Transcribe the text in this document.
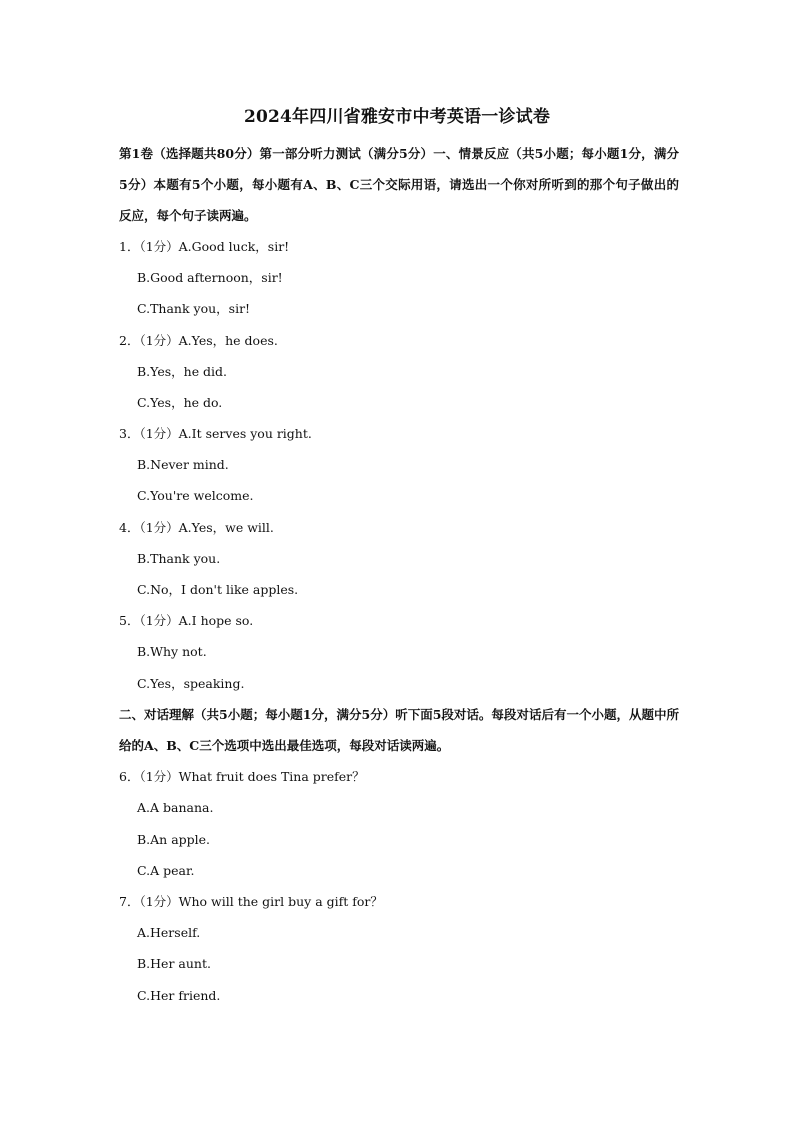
2024年四川省雅安市中考英语一诊试卷
第1卷（选择题共80分）第一部分听力测试（满分5分）一、情景反应（共5小题；每小题1分，满分5分）本题有5个小题，每小题有A、B、C三个交际用语，请选出一个你对所听到的那个句子做出的反应，每个句子读两遍。
1．（1分）A.Good luck，sir!
B.Good afternoon，sir!
C.Thank you，sir!
2．（1分）A.Yes，he does.
B.Yes，he did.
C.Yes，he do.
3．（1分）A.It serves you right.
B.Never mind.
C.You're welcome.
4．（1分）A.Yes，we will.
B.Thank you.
C.No，I don't like apples.
5．（1分）A.I hope so.
B.Why not.
C.Yes，speaking.
二、对话理解（共5小题；每小题1分，满分5分）听下面5段对话。每段对话后有一个小题，从题中所给的A、B、C三个选项中选出最佳选项，每段对话读两遍。
6．（1分）What fruit does Tina prefer？
A.A banana.
B.An apple.
C.A pear.
7．（1分）Who will the girl buy a gift for？
A.Herself.
B.Her aunt.
C.Her friend.
